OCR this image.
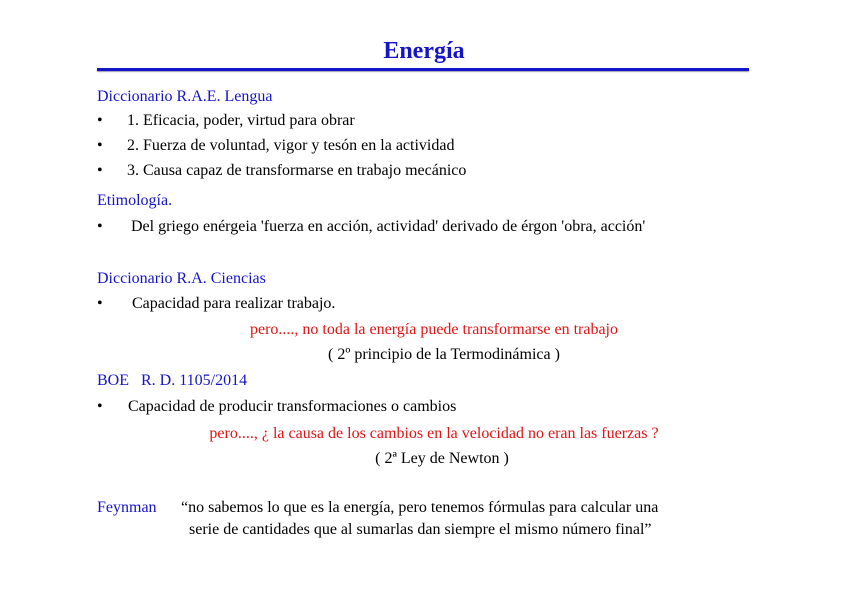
Energía
Diccionario R.A.E. Lengua
• 1. Eficacia, poder, virtud para obrar
• 2. Fuerza de voluntad, vigor y tesón en la actividad
• 3. Causa capaz de transformarse en trabajo mecánico
Etimología.
• Del griego enérgeia 'fuerza en acción, actividad' derivado de érgon 'obra, acción'
Diccionario R.A. Ciencias
• Capacidad para realizar trabajo.
pero...., no toda la energía puede transformarse en trabajo
( 2º principio de la Termodinámica )
BOE   R. D. 1105/2014
• Capacidad de producir transformaciones o cambios
pero...., ¿ la causa de los cambios en la velocidad no eran las fuerzas ?
( 2ª Ley de Newton )
Feynman “no sabemos lo que es la energía, pero tenemos fórmulas para calcular una
serie de cantidades que al sumarlas dan siempre el mismo número final”
